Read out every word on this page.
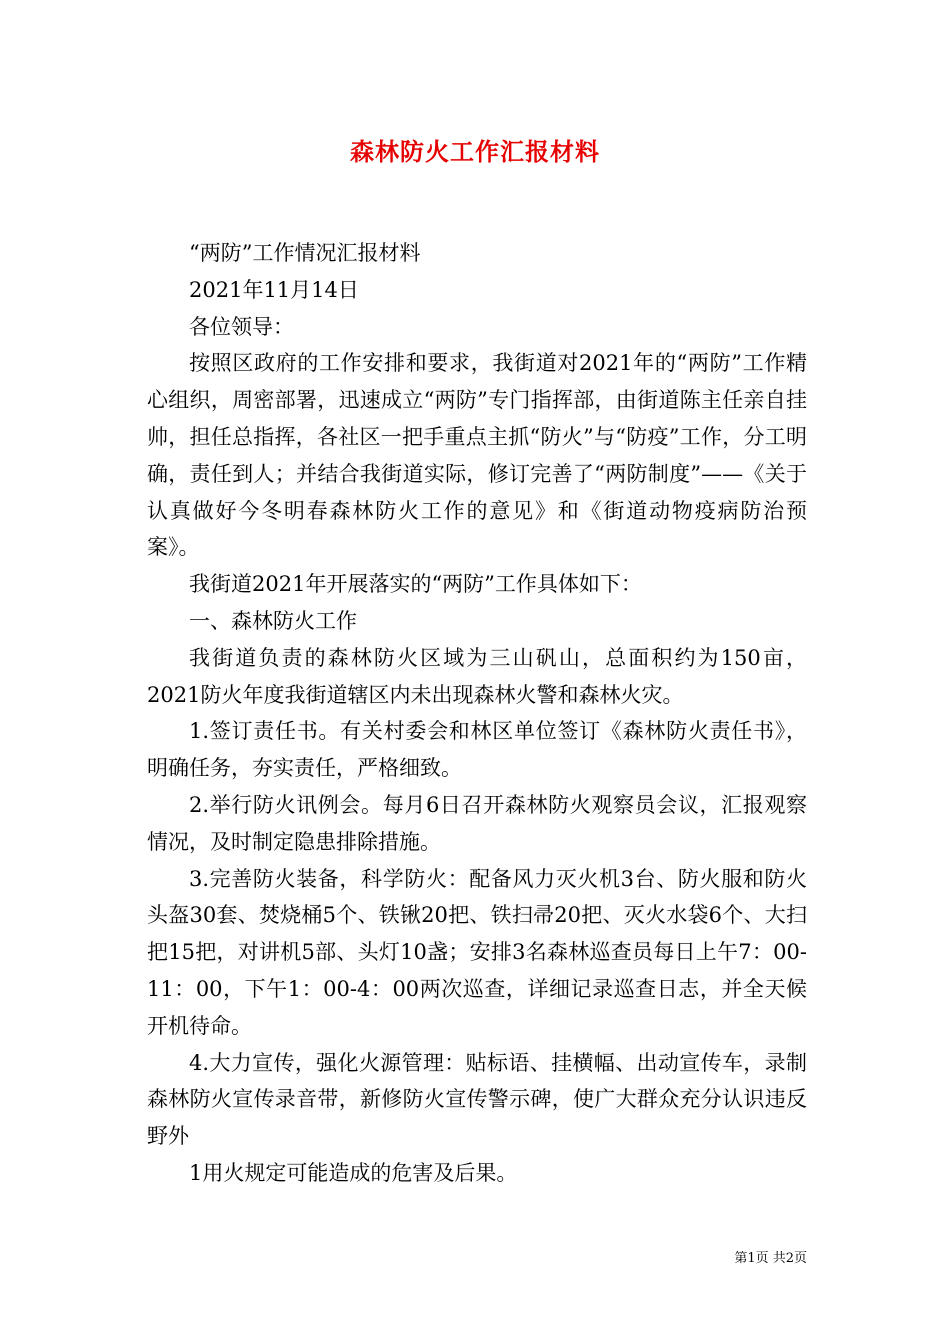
森林防火工作汇报材料

“两防”工作情况汇报材料

2021年11月14日

各位领导：

按照区政府的工作安排和要求，我街道对2021年的“两防”工作精心组织，周密部署，迅速成立“两防”专门指挥部，由街道陈主任亲自挂帅，担任总指挥，各社区一把手重点主抓“防火”与“防疫”工作，分工明确，责任到人；并结合我街道实际，修订完善了“两防制度”——《关于认真做好今冬明春森林防火工作的意见》和《街道动物疫病防治预案》。

我街道2021年开展落实的“两防”工作具体如下：

一、森林防火工作

我街道负责的森林防火区域为三山矾山，总面积约为150亩，2021防火年度我街道辖区内未出现森林火警和森林火灾。

1.签订责任书。有关村委会和林区单位签订《森林防火责任书》，明确任务，夯实责任，严格细致。

2.举行防火讯例会。每月6日召开森林防火观察员会议，汇报观察情况，及时制定隐患排除措施。

3.完善防火装备，科学防火：配备风力灭火机3台、防火服和防火头盔30套、焚烧桶5个、铁锹20把、铁扫帚20把、灭火水袋6个、大扫把15把，对讲机5部、头灯10盏；安排3名森林巡查员每日上午7：00-11：00，下午1：00-4：00两次巡查，详细记录巡查日志，并全天候开机待命。

4.大力宣传，强化火源管理：贴标语、挂横幅、出动宣传车，录制森林防火宣传录音带，新修防火宣传警示碑，使广大群众充分认识违反野外

1用火规定可能造成的危害及后果。

第1页 共2页
